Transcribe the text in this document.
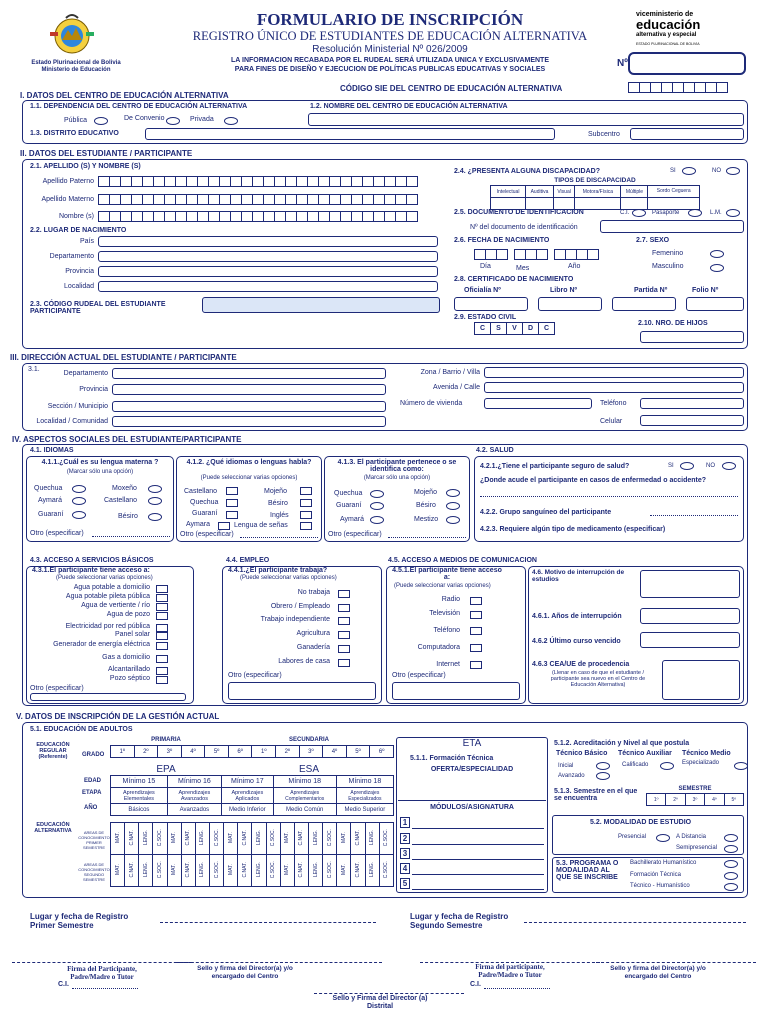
Estado Plurinacional de Bolivia
Ministerio de Educación
FORMULARIO DE INSCRIPCIÓN
REGISTRO ÚNICO DE ESTUDIANTES DE EDUCACIÓN ALTERNATIVA
Resolución Ministerial Nº 026/2009
LA INFORMACION RECABADA POR EL RUDEAL SERÁ UTILIZADA UNICA Y EXCLUSIVAMENTE
PARA FINES DE DISEÑO Y EJECUCION DE POLÍTICAS PUBLICAS EDUCATIVAS Y SOCIALES
viceministerio de
educación
alternativa y especial
ESTADO PLURINACIONAL DE BOLIVIA
Nº
CÓDIGO SIE DEL CENTRO DE EDUCACIÓN ALTERNATIVA
I. DATOS DEL CENTRO DE EDUCACIÓN ALTERNATIVA
1.1. DEPENDENCIA DEL CENTRO DE EDUCACIÓN ALTERNATIVA
Pública	De Convenio	Privada
1.2. NOMBRE DEL CENTRO DE EDUCACIÓN ALTERNATIVA
1.3. DISTRITO EDUCATIVO	Subcentro
II. DATOS DEL ESTUDIANTE / PARTICIPANTE
2.1. APELLIDO (S) Y NOMBRE (S)
Apellido Paterno
Apellido Materno
Nombre (s)
2.2. LUGAR DE NACIMIENTO
País
Departamento
Provincia
Localidad
2.3. CÓDIGO RUDEAL DEL ESTUDIANTE PARTICIPANTE
2.4. ¿PRESENTA ALGUNA DISCAPACIDAD?	SI	NO
TIPOS DE DISCAPACIDAD
Intelectual	Auditiva	Visual	Motora/Física	Múltiple	Sordo Ceguera

2.5. DOCUMENTO DE IDENTIFICACION	C.I.	Pasaporte	L.M.
Nº del documento de identificación
2.6. FECHA DE NACIMIENTO
Día	Mes	Año
2.7. SEXO
Femenino
Masculino
2.8. CERTIFICADO DE NACIMIENTO
Oficialía Nº	Libro Nº	Partida Nº	Folio Nº
2.9. ESTADO CIVIL
C	S	V	D	C
2.10. NRO. DE HIJOS
III. DIRECCIÓN ACTUAL DEL ESTUDIANTE / PARTICIPANTE
3.1.
Departamento
Provincia
Sección / Municipio
Localidad / Comunidad
Zona / Barrio / Villa
Avenida / Calle
Número de vivienda	Teléfono
Celular
IV. ASPECTOS SOCIALES DEL ESTUDIANTE/PARTICIPANTE
4.1. IDIOMAS
4.1.1.¿Cuál es su lengua materna ?
(Marcar sólo una opción)
Quechua	Moxeño
Aymará	Castellano
Guaraní	Bésiro
Otro (especificar)
4.1.2. ¿Qué idiomas o lenguas habla?
(Puede seleccionar varias opciones)
Castellano	Mojeño
Quechua	Bésiro
Guaraní	Inglés
Aymara	Lengua de señas
Otro (especificar)
4.1.3. El participante pertenece o se identifica como:
(Marcar sólo una opción)
Quechua	Mojeño
Guaraní	Bésiro
Aymará	Mestizo
Otro (especificar)
4.2. SALUD
4.2.1.¿Tiene el participante seguro de salud?	SI	NO
¿Donde acude el participante en casos de enfermedad o accidente?
4.2.2. Grupo sanguíneo del participante
4.2.3. Requiere algún tipo de medicamento (especificar)
4.3. ACCESO A SERVICIOS BÁSICOS
4.3.1.El participante tiene acceso a:
(Puede seleccionar varias opciones)
Agua potable a domicilio
Agua potable pileta pública
Agua de vertiente / río
Agua de pozo
Electricidad por red pública
Panel solar
Generador de energía eléctrica
Gas a domicilio
Alcantarillado
Pozo séptico
Otro (especificar)
4.4. EMPLEO
4.4.1.¿El participante trabaja?
(Puede seleccionar varias opciones)
No trabaja
Obrero / Empleado
Trabajo independiente
Agricultura
Ganadería
Labores de casa
Otro (especificar)
4.5. ACCESO A MEDIOS DE COMUNICACION
4.5.1.El participante tiene acceso a:
(Puede seleccionar varias opciones)
Radio
Televisión
Teléfono
Computadora
Internet
Otro (especificar)
4.6. Motivo de interrupción de estudios
4.6.1. Años de interrupción
4.6.2 Último curso vencido
4.6.3 CEA/UE de procedencia
(Llenar en caso de que el estudiante / participante sea nuevo en el Centro de Educación Alternativa)
V. DATOS DE INSCRIPCIÓN DE LA GESTIÓN ACTUAL
5.1. EDUCACIÓN DE ADULTOS
EDUCACIÓN REGULAR (Referente)	GRADO
PRIMARIA	SECUNDARIA
1º	2º	3º	4º	5º	6º	1º	2º	3º	4º	5º	6º
EPA	ESA
EDAD
ETAPA
AÑO
Mínimo 15	Mínimo 16	Mínimo 17	Mínimo 18	Mínimo 18
Aprendizajes Elementales	Aprendizajes Avanzados	Aprendizajes Aplicados	Aprendizajes Complementarios	Aprendizajes Especializados
Básicos	Avanzados	Medio Inferior	Medio Común	Medio Superior
EDUCACIÓN ALTERNATIVA	AREAS DE CONOCIMIENTO PRIMER SEMESTRE
AREAS DE CONOCIMIENTO SEGUNDO SEMESTRE
MAT.	C.NAT.	LENG.	C.SOC.	MAT.	C.NAT.	LENG.	C.SOC.	MAT.	C.NAT.	LENG.	C.SOC.	MAT.	C.NAT.	LENG.	C.SOC.	MAT.	C.NAT.	LENG.	C.SOC.
MAT.	C.NAT.	LENG.	C.SOC.	MAT.	C.NAT.	LENG.	C.SOC.	MAT.	C.NAT.	LENG.	C.SOC.	MAT.	C.NAT.	LENG.	C.SOC.	MAT.	C.NAT.	LENG.	C.SOC.
ETA
5.1.1. Formación Técnica
OFERTA/ESPECIALIDAD
MÓDULOS/ASIGNATURA
1
2
3
4
5
5.1.2. Acreditación y Nivel al que postula
Técnico Básico Técnico Auxiliar Técnico Medio
Inicial	Calificado	Especializado
Avanzado
5.1.3. Semestre en el que se encuentra
SEMESTRE
1º	2º	3º	4º	5º
5.2. MODALIDAD DE ESTUDIO
Presencial	A Distancia
Semipresencial
5.3. PROGRAMA O MODALIDAD AL QUE SE INSCRIBE
Bachillerato Humanístico
Formación Técnica
Técnico - Humanístico
Lugar y fecha de Registro
Primer Semestre
Lugar y fecha de Registro
Segundo Semestre
Firma del Participante, Padre/Madre o Tutor
C.I.
Sello y firma del Director(a) y/o encargado del Centro
Firma del participante, Padre/Madre o Tutor
C.I.
Sello y firma del Director(a) y/o encargado del Centro
Sello y Firma del Director (a) Distrital
